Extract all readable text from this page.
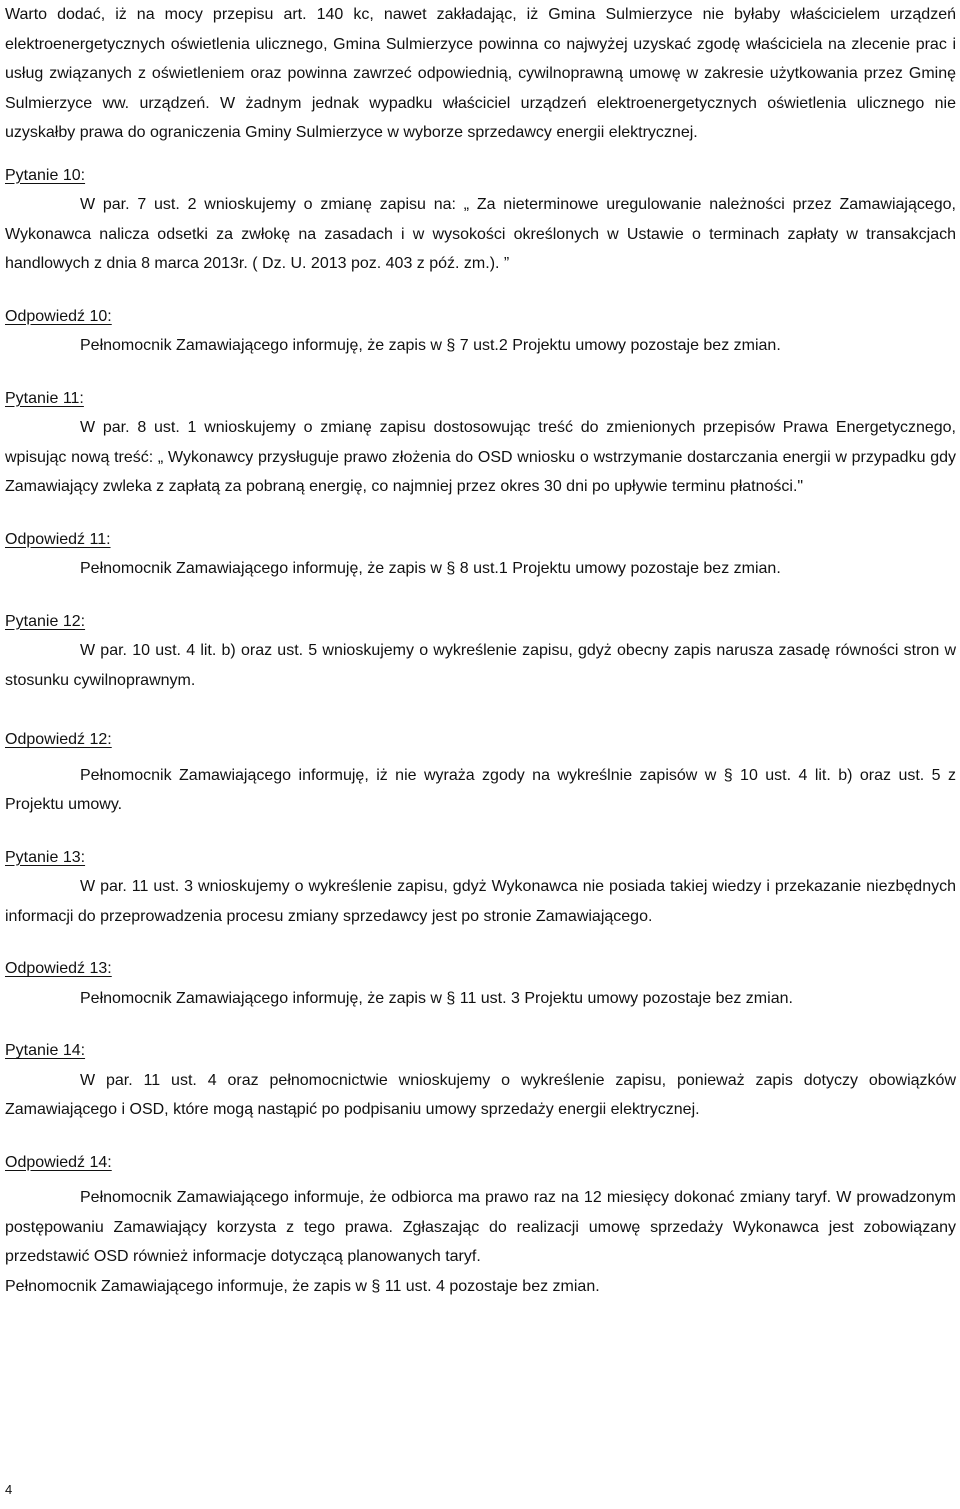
Warto dodać, iż na mocy przepisu art. 140 kc, nawet zakładając, iż Gmina Sulmierzyce nie byłaby właścicielem urządzeń elektroenergetycznych oświetlenia ulicznego, Gmina Sulmierzyce powinna co najwyżej uzyskać zgodę właściciela na zlecenie prac i usług związanych z oświetleniem oraz powinna zawrzeć odpowiednią, cywilnoprawną umowę w zakresie użytkowania przez Gminę Sulmierzyce ww. urządzeń. W żadnym jednak wypadku właściciel urządzeń elektroenergetycznych oświetlenia ulicznego nie uzyskałby prawa do ograniczenia Gminy Sulmierzyce w wyborze sprzedawcy energii elektrycznej.

Pytanie 10:

W par. 7 ust. 2 wnioskujemy o zmianę zapisu na: „ Za nieterminowe uregulowanie należności przez Zamawiającego, Wykonawca nalicza odsetki za zwłokę na zasadach i w wysokości określonych w Ustawie o terminach zapłaty w transakcjach handlowych z dnia 8 marca 2013r. ( Dz. U. 2013 poz. 403 z póź. zm.). ”

Odpowiedź 10:

Pełnomocnik Zamawiającego informuję, że zapis w § 7 ust.2 Projektu umowy pozostaje bez zmian.

Pytanie 11:

W par. 8 ust. 1 wnioskujemy o zmianę zapisu dostosowując treść do zmienionych przepisów Prawa Energetycznego, wpisując nową treść: „ Wykonawcy przysługuje prawo złożenia do OSD wniosku o wstrzymanie dostarczania energii w przypadku gdy Zamawiający zwleka z zapłatą za pobraną energię, co najmniej przez okres 30 dni po upływie terminu płatności."

Odpowiedź 11:

Pełnomocnik Zamawiającego informuję, że zapis w § 8 ust.1 Projektu umowy pozostaje bez zmian.

Pytanie 12:

W par. 10 ust. 4 lit. b) oraz ust. 5 wnioskujemy o wykreślenie zapisu, gdyż obecny zapis narusza zasadę równości stron w stosunku cywilnoprawnym.

Odpowiedź 12:

Pełnomocnik Zamawiającego informuję, iż nie wyraża zgody na wykreślnie zapisów w § 10 ust. 4 lit. b) oraz ust. 5 z Projektu umowy.

Pytanie 13:

W par. 11 ust. 3 wnioskujemy o wykreślenie zapisu, gdyż Wykonawca nie posiada takiej wiedzy i przekazanie niezbędnych informacji do przeprowadzenia procesu zmiany sprzedawcy jest po stronie Zamawiającego.

Odpowiedź 13:

Pełnomocnik Zamawiającego informuję, że zapis w § 11 ust. 3 Projektu umowy pozostaje bez zmian.

Pytanie 14:

W par. 11 ust. 4 oraz pełnomocnictwie wnioskujemy o wykreślenie zapisu, ponieważ zapis dotyczy obowiązków Zamawiającego i OSD, które mogą nastąpić po podpisaniu umowy sprzedaży energii elektrycznej.

Odpowiedź 14:

Pełnomocnik Zamawiającego informuje, że odbiorca ma prawo raz na 12 miesięcy dokonać zmiany taryf. W prowadzonym postępowaniu Zamawiający korzysta z tego prawa. Zgłaszając do realizacji umowę sprzedaży Wykonawca jest zobowiązany przedstawić OSD również informacje dotyczącą planowanych taryf.

Pełnomocnik Zamawiającego informuje, że zapis w § 11 ust. 4 pozostaje bez zmian.

4
